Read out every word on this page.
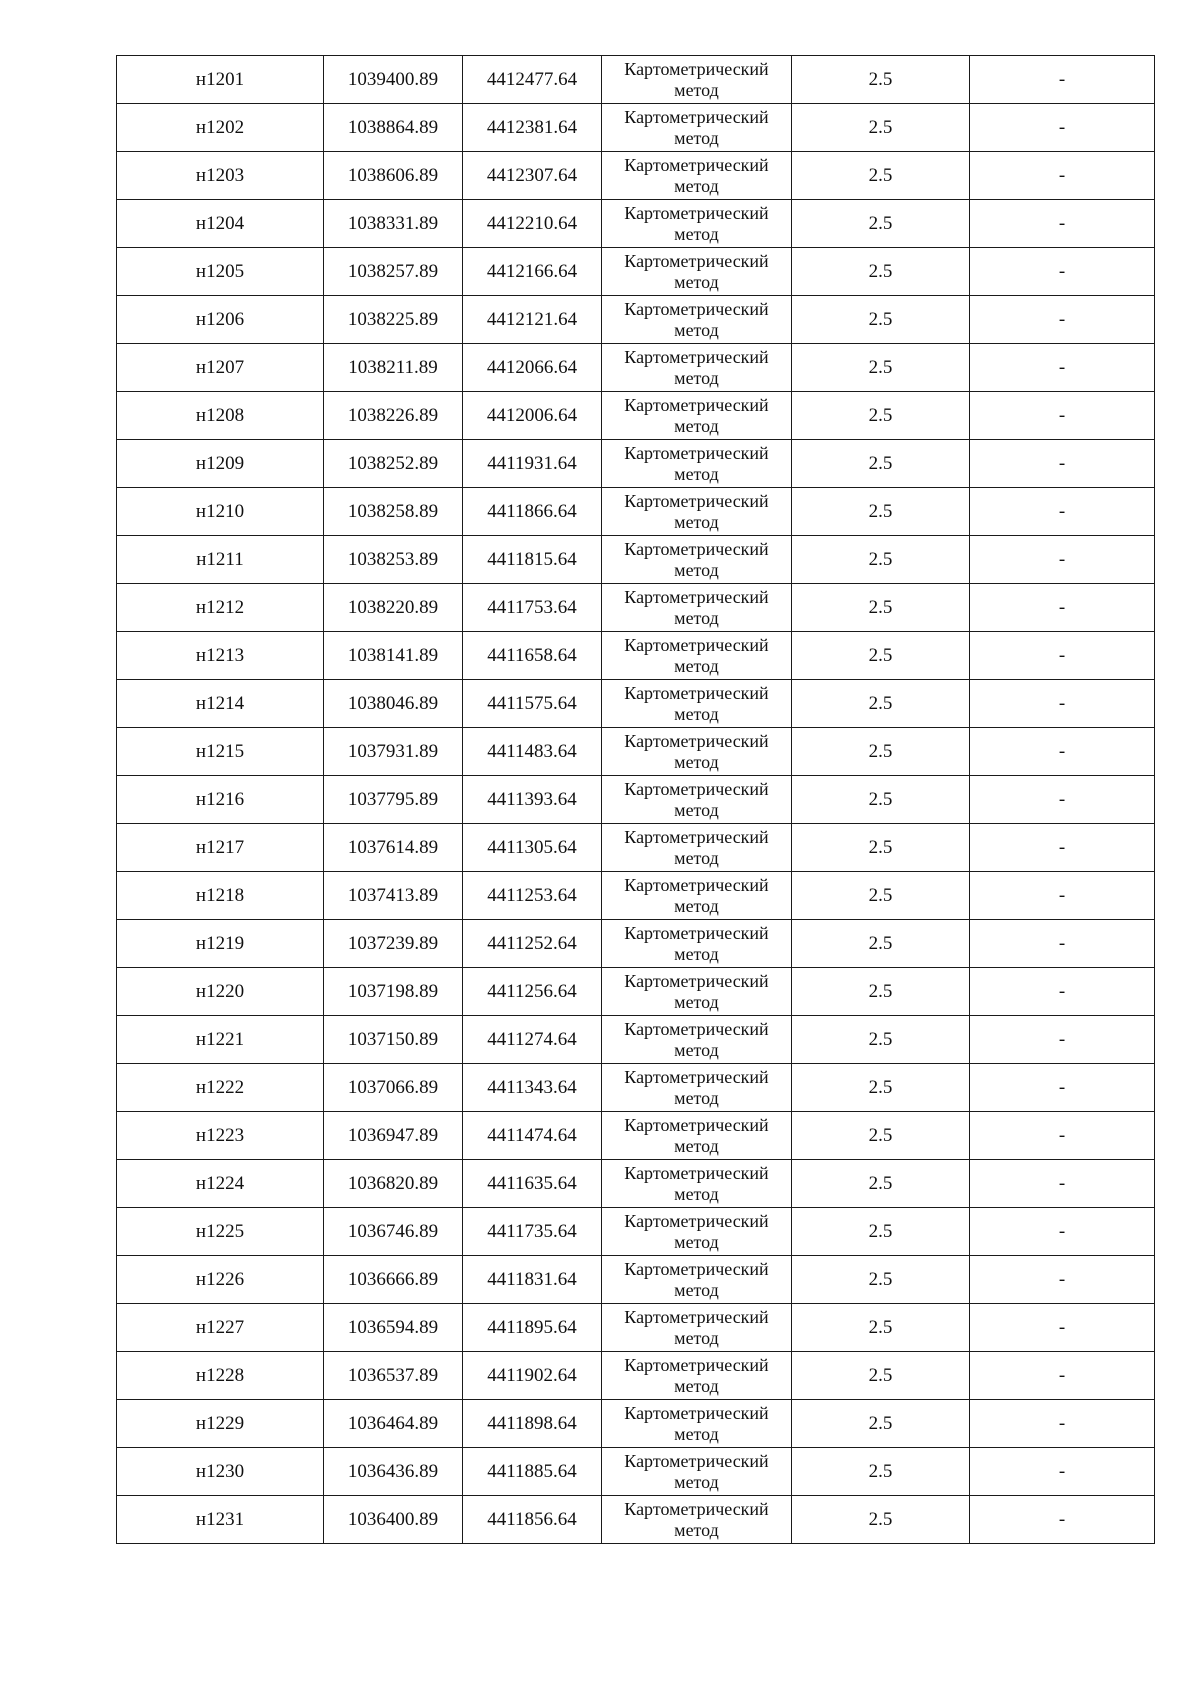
н1201	1039400.89	4412477.64	Картометрический метод	2.5	-
н1202	1038864.89	4412381.64	Картометрический метод	2.5	-
н1203	1038606.89	4412307.64	Картометрический метод	2.5	-
н1204	1038331.89	4412210.64	Картометрический метод	2.5	-
н1205	1038257.89	4412166.64	Картометрический метод	2.5	-
н1206	1038225.89	4412121.64	Картометрический метод	2.5	-
н1207	1038211.89	4412066.64	Картометрический метод	2.5	-
н1208	1038226.89	4412006.64	Картометрический метод	2.5	-
н1209	1038252.89	4411931.64	Картометрический метод	2.5	-
н1210	1038258.89	4411866.64	Картометрический метод	2.5	-
н1211	1038253.89	4411815.64	Картометрический метод	2.5	-
н1212	1038220.89	4411753.64	Картометрический метод	2.5	-
н1213	1038141.89	4411658.64	Картометрический метод	2.5	-
н1214	1038046.89	4411575.64	Картометрический метод	2.5	-
н1215	1037931.89	4411483.64	Картометрический метод	2.5	-
н1216	1037795.89	4411393.64	Картометрический метод	2.5	-
н1217	1037614.89	4411305.64	Картометрический метод	2.5	-
н1218	1037413.89	4411253.64	Картометрический метод	2.5	-
н1219	1037239.89	4411252.64	Картометрический метод	2.5	-
н1220	1037198.89	4411256.64	Картометрический метод	2.5	-
н1221	1037150.89	4411274.64	Картометрический метод	2.5	-
н1222	1037066.89	4411343.64	Картометрический метод	2.5	-
н1223	1036947.89	4411474.64	Картометрический метод	2.5	-
н1224	1036820.89	4411635.64	Картометрический метод	2.5	-
н1225	1036746.89	4411735.64	Картометрический метод	2.5	-
н1226	1036666.89	4411831.64	Картометрический метод	2.5	-
н1227	1036594.89	4411895.64	Картометрический метод	2.5	-
н1228	1036537.89	4411902.64	Картометрический метод	2.5	-
н1229	1036464.89	4411898.64	Картометрический метод	2.5	-
н1230	1036436.89	4411885.64	Картометрический метод	2.5	-
н1231	1036400.89	4411856.64	Картометрический метод	2.5	-
